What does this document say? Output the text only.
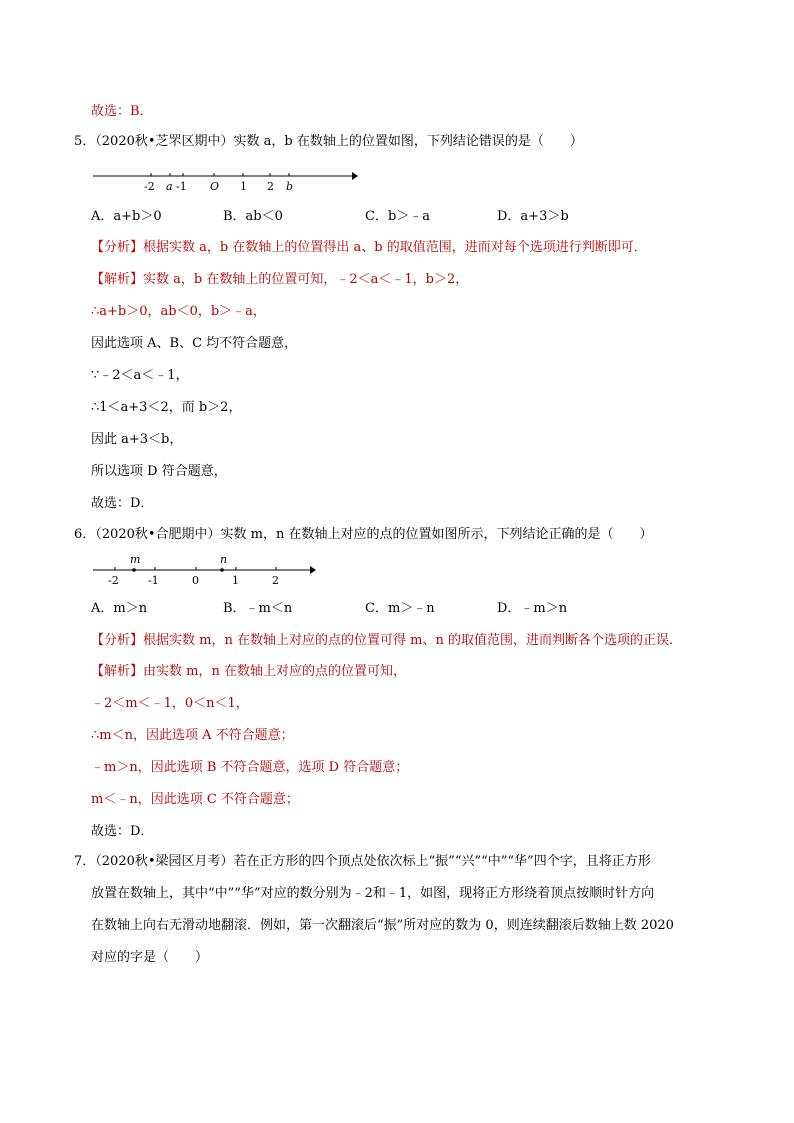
故选：B．
5．（2020秋•芝罘区期中）实数 a，b 在数轴上的位置如图，下列结论错误的是（　　）
-2 a -1 O 1 2 b
A．a+b＞0	B．ab＜0	C．b＞﹣a	D．a+3＞b
【分析】根据实数 a，b 在数轴上的位置得出 a、b 的取值范围，进而对每个选项进行判断即可．
【解析】实数 a，b 在数轴上的位置可知，﹣2＜a＜﹣1，b＞2，
∴a+b＞0，ab＜0，b＞﹣a，
因此选项 A、B、C 均不符合题意，
∵﹣2＜a＜﹣1，
∴1＜a+3＜2，而 b＞2，
因此 a+3＜b，
所以选项 D 符合题意，
故选：D．
6．（2020秋•合肥期中）实数 m，n 在数轴上对应的点的位置如图所示，下列结论正确的是（　　）
m	n
-2	-1	0	1	2
A．m＞n	B．﹣m＜n	C．m＞﹣n	D．﹣m＞n
【分析】根据实数 m，n 在数轴上对应的点的位置可得 m、n 的取值范围，进而判断各个选项的正误．
【解析】由实数 m，n 在数轴上对应的点的位置可知，
﹣2＜m＜﹣1，0＜n＜1，
∴m＜n，因此选项 A 不符合题意；
﹣m＞n，因此选项 B 不符合题意，选项 D 符合题意；
m＜﹣n，因此选项 C 不符合题意；
故选：D．
7．（2020秋•梁园区月考）若在正方形的四个顶点处依次标上“振”“兴”“中”“华”四个字，且将正方形
放置在数轴上，其中“中”“华”对应的数分别为﹣2和﹣1，如图，现将正方形绕着顶点按顺时针方向
在数轴上向右无滑动地翻滚．例如，第一次翻滚后“振”所对应的数为 0，则连续翻滚后数轴上数 2020
对应的字是（　　）
